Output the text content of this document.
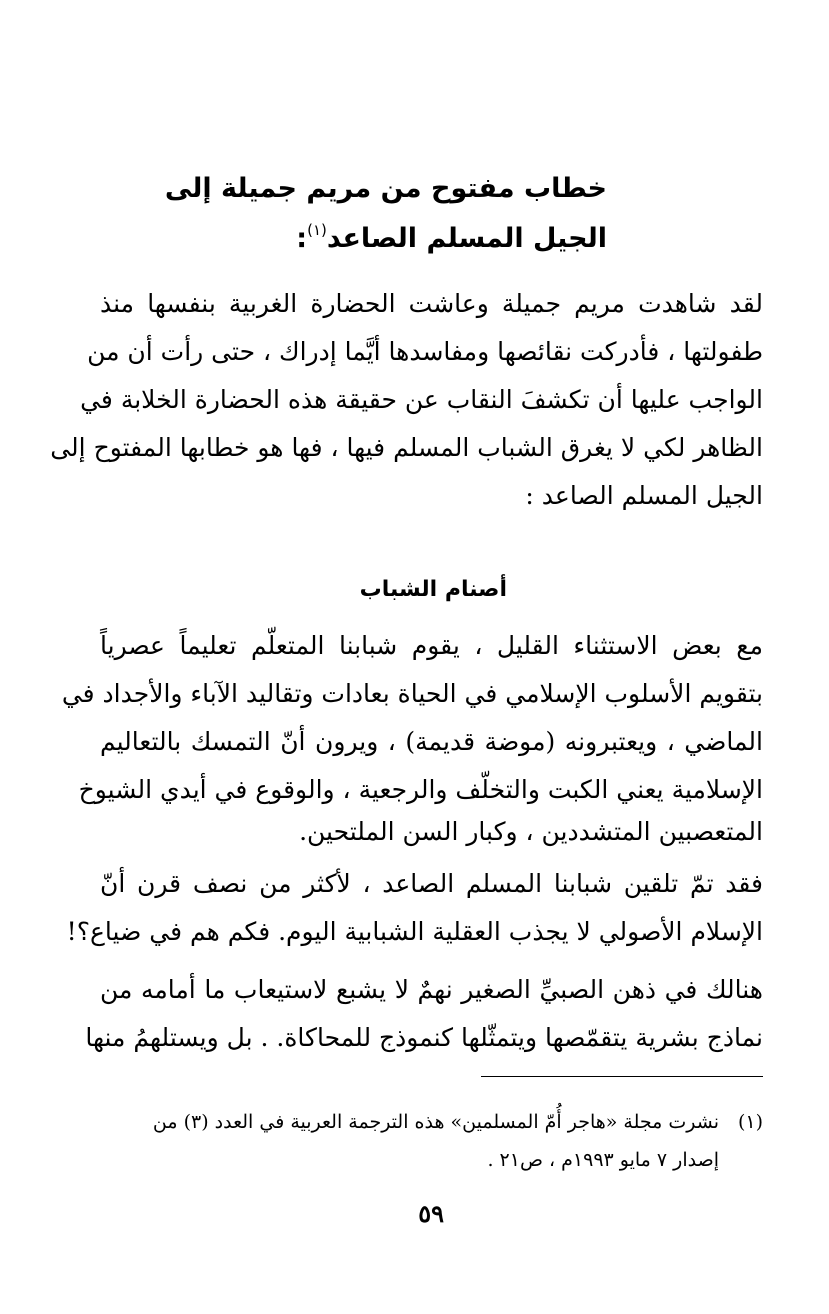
خطاب مفتوح من مريم جميلة إلى
الجيل المسلم الصاعد$^{(١)}$:
لقد شاهدت مريم جميلة وعاشت الحضارة الغربية بنفسها منذ
طفولتها ، فأدركت نقائصها ومفاسدها أيَّما إدراك ، حتى رأت أن من
الواجب عليها أن تكشفَ النقاب عن حقيقة هذه الحضارة الخلابة في
الظاهر لكي لا يغرق الشباب المسلم فيها ، فها هو خطابها المفتوح إلى
الجيل المسلم الصاعد :
أصنام الشباب
مع بعض الاستثناء القليل ، يقوم شبابنا المتعلّم تعليماً عصرياً
بتقويم الأسلوب الإسلامي في الحياة بعادات وتقاليد الآباء والأجداد في
الماضي ، ويعتبرونه (موضة قديمة) ، ويرون أنّ التمسك بالتعاليم
الإسلامية يعني الكبت والتخلّف والرجعية ، والوقوع في أيدي الشيوخ
المتعصبين المتشددين ، وكبار السن الملتحين.
فقد تمّ تلقين شبابنا المسلم الصاعد ، لأكثر من نصف قرن أنّ
الإسلام الأصولي لا يجذب العقلية الشبابية اليوم. فكم هم في ضياع؟!
هنالك في ذهن الصبيِّ الصغير نهمٌ لا يشبع لاستيعاب ما أمامه من
نماذج بشرية يتقمّصها ويتمثّلها كنموذج للمحاكاة. . بل ويستلهمُ منها
(١)نشرت مجلة «هاجر أُمّ المسلمين» هذه الترجمة العربية في العدد (٣) من
إصدار ٧ مايو ١٩٩٣م ، ص٢١ .
٥٩
